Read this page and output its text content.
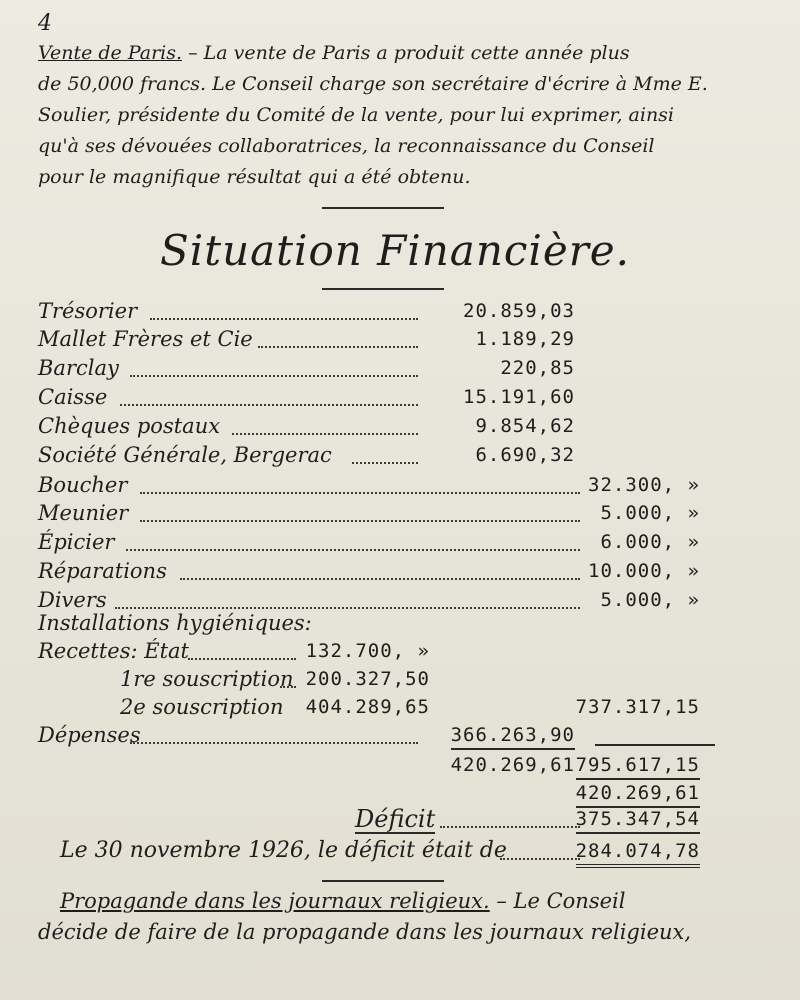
4
Vente de Paris. – La vente de Paris a produit cette année plus
de 50,000 francs. Le Conseil charge son secrétaire d'écrire à Mme E.
Soulier, présidente du Comité de la vente, pour lui exprimer, ainsi
qu'à ses dévouées collaboratrices, la reconnaissance du Conseil
pour le magnifique résultat qui a été obtenu.
Situation Financière.
Trésorier	20.859,03
Mallet Frères et Cie	1.189,29
Barclay	220,85
Caisse	15.191,60
Chèques postaux	9.854,62
Société Générale, Bergerac	6.690,32
Boucher	32.300, »
Meunier	5.000, »
Épicier	6.000, »
Réparations	10.000, »
Divers	5.000, »
Installations hygiéniques:
Recettes: État	132.700, »
1re souscription 200.327,50
2e souscription 404.289,65	737.317,15
Dépenses	366.263,90
420.269,61 795.617,15
420.269,61
Déficit	375.347,54
Le 30 novembre 1926, le déficit était de	284.074,78
Propagande dans les journaux religieux. – Le Conseil
décide de faire de la propagande dans les journaux religieux,
